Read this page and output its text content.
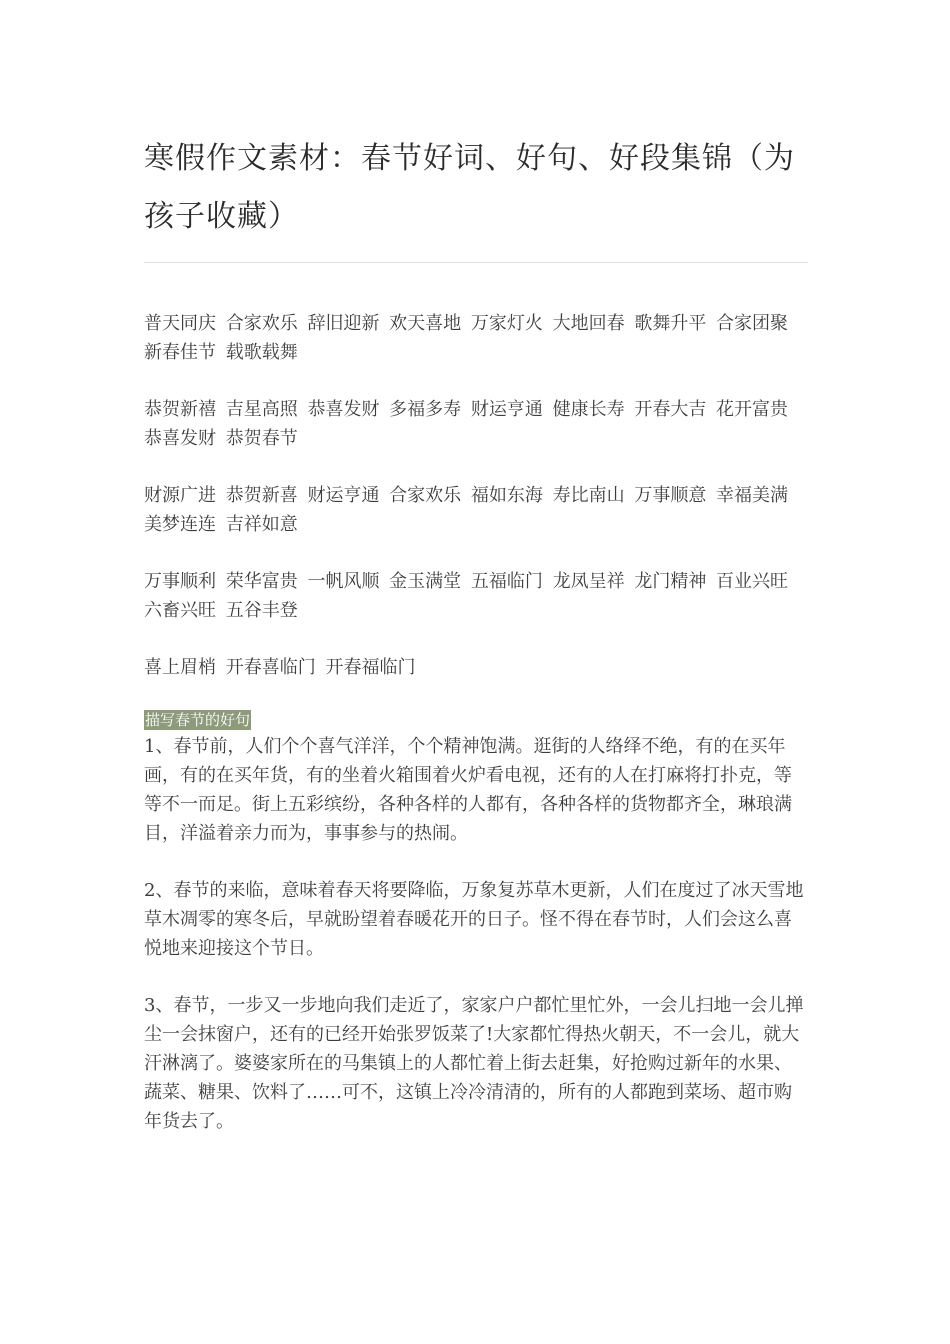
寒假作文素材：春节好词、好句、好段集锦（为孩子收藏）

普天同庆 合家欢乐 辞旧迎新 欢天喜地 万家灯火 大地回春 歌舞升平 合家团聚 新春佳节 载歌载舞

恭贺新禧 吉星高照 恭喜发财 多福多寿 财运亨通 健康长寿 开春大吉 花开富贵 恭喜发财 恭贺春节

财源广进 恭贺新喜 财运亨通 合家欢乐 福如东海 寿比南山 万事顺意 幸福美满 美梦连连 吉祥如意

万事顺利 荣华富贵 一帆风顺 金玉满堂 五福临门 龙凤呈祥 龙门精神 百业兴旺 六畜兴旺 五谷丰登

喜上眉梢 开春喜临门 开春福临门

描写春节的好句

1、春节前，人们个个喜气洋洋，个个精神饱满。逛街的人络绎不绝，有的在买年画，有的在买年货，有的坐着火箱围着火炉看电视，还有的人在打麻将打扑克，等等不一而足。街上五彩缤纷，各种各样的人都有，各种各样的货物都齐全，琳琅满目，洋溢着亲力而为，事事参与的热闹。

2、春节的来临，意味着春天将要降临，万象复苏草木更新，人们在度过了冰天雪地草木凋零的寒冬后，早就盼望着春暖花开的日子。怪不得在春节时，人们会这么喜悦地来迎接这个节日。

3、春节，一步又一步地向我们走近了，家家户户都忙里忙外，一会儿扫地一会儿掸尘一会抹窗户，还有的已经开始张罗饭菜了!大家都忙得热火朝天，不一会儿，就大汗淋漓了。婆婆家所在的马集镇上的人都忙着上街去赶集，好抢购过新年的水果、蔬菜、糖果、饮料了……可不，这镇上冷冷清清的，所有的人都跑到菜场、超市购年货去了。
